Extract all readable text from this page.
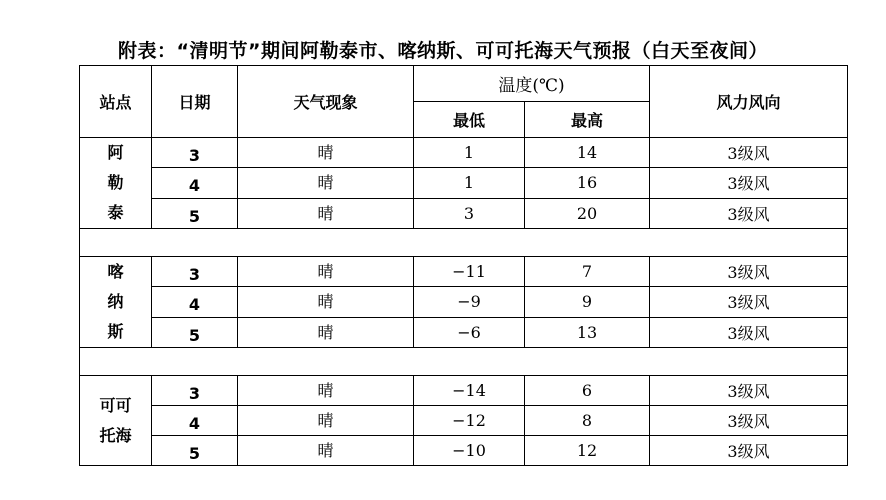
附表：“清明节”期间阿勒泰市、喀纳斯、可可托海天气预报（白天至夜间）
站点	日期	天气现象	温度(℃)		风力风向
			最低	最高	

阿
勒
泰	3	晴	1	14	3级风
	4	晴	1	16	3级风
	5	晴	3	20	3级风

喀
纳
斯	3	晴	−11	7	3级风
	4	晴	−9	9	3级风
	5	晴	−6	13	3级风

可可
托海	3	晴	−14	6	3级风
	4	晴	−12	8	3级风
	5	晴	−10	12	3级风
